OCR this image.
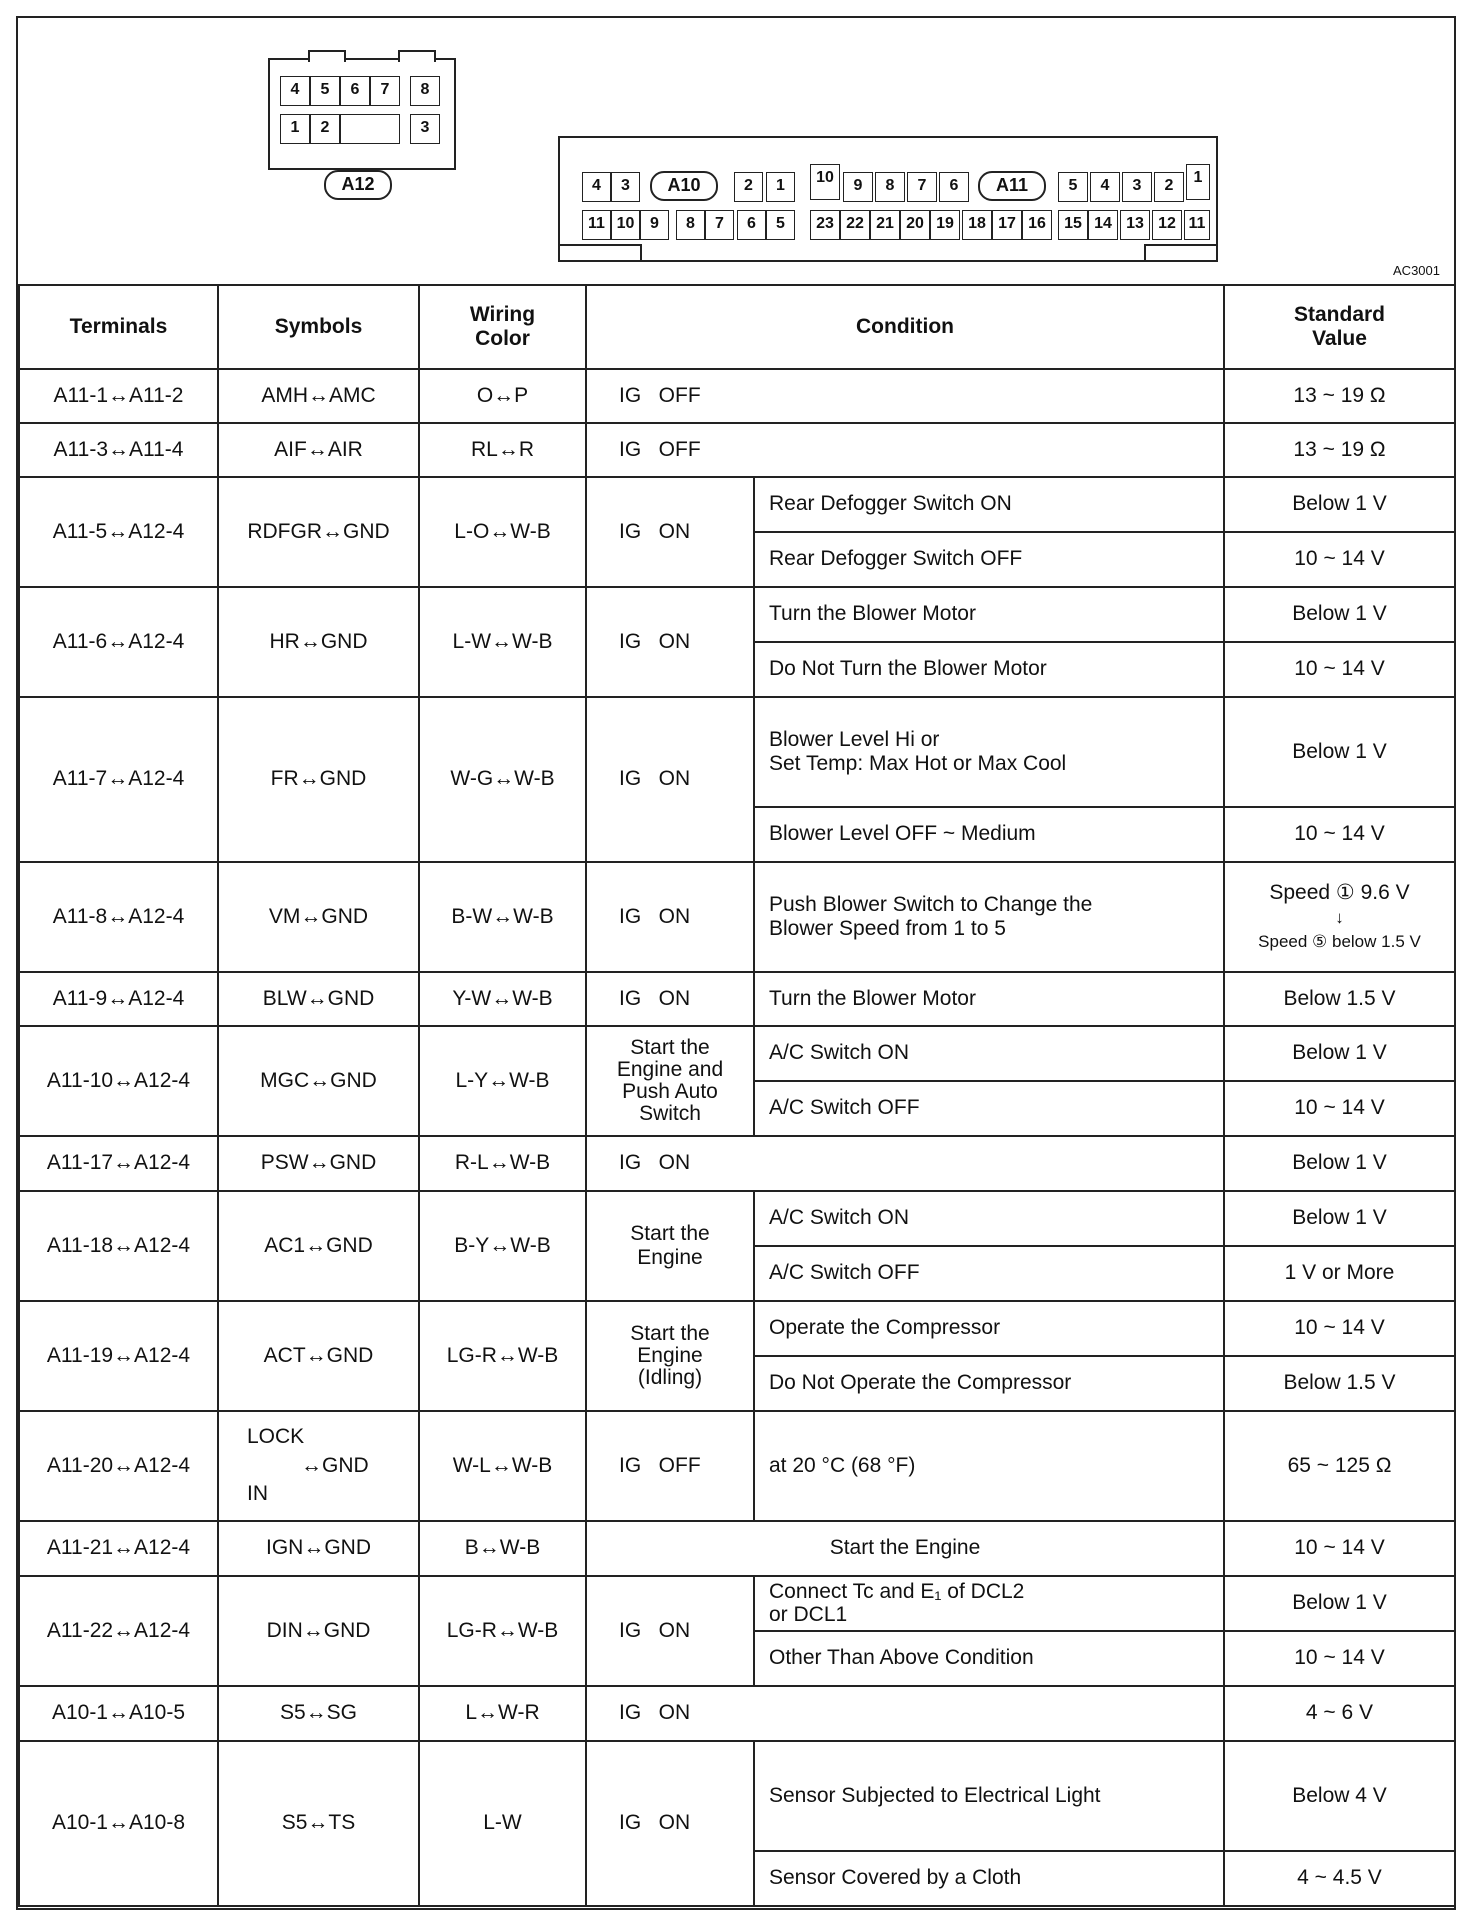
4	5	6	7	8
1	2	3
A12	4	3	A10	2	1
11 10 9	8	7	6	5
10	9	8	7	6	A11	5	4	3	2	1
23 22 21 20 19 18 17 16	15 14 13 12 11
AC3001
Terminals	Symbols	Wiring
Color	Condition		Standard
Value
A11-1↔A11-2	AMH↔AMC	O↔P	IG   OFF		13 ~ 19 Ω
A11-3↔A11-4	AIF↔AIR	RL↔R	IG   OFF		13 ~ 19 Ω
A11-5↔A12-4	RDFGR↔GND	L-O↔W-B	IG   ON	Rear Defogger Switch ON	Below 1 V
				Rear Defogger Switch OFF	10 ~ 14 V
A11-6↔A12-4	HR↔GND	L-W↔W-B	IG   ON	Turn the Blower Motor	Below 1 V
				Do Not Turn the Blower Motor	10 ~ 14 V
A11-7↔A12-4	FR↔GND	W-G↔W-B	IG   ON	Blower Level Hi or
Set Temp: Max Hot or Max Cool	Below 1 V
				Blower Level OFF ~ Medium	10 ~ 14 V
A11-8↔A12-4	VM↔GND	B-W↔W-B	IG   ON	Push Blower Switch to Change the
Blower Speed from 1 to 5	Speed ① 9.6 V
↓
Speed ⑤ below 1.5 V
A11-9↔A12-4	BLW↔GND	Y-W↔W-B	IG   ON	Turn the Blower Motor	Below 1.5 V
A11-10↔A12-4	MGC↔GND	L-Y↔W-B	Start the
Engine and
Push Auto
Switch	A/C Switch ON	Below 1 V
				A/C Switch OFF	10 ~ 14 V
A11-17↔A12-4	PSW↔GND	R-L↔W-B	IG   ON		Below 1 V
A11-18↔A12-4	AC1↔GND	B-Y↔W-B	Start the
Engine	A/C Switch ON	Below 1 V
				A/C Switch OFF	1 V or More
A11-19↔A12-4	ACT↔GND	LG-R↔W-B	Start the
Engine
(Idling)	Operate the Compressor	10 ~ 14 V
				Do Not Operate the Compressor	Below 1.5 V
A11-20↔A12-4	LOCK
↔GND
IN	W-L↔W-B	IG   OFF	at 20 °C (68 °F)	65 ~ 125 Ω
A11-21↔A12-4	IGN↔GND	B↔W-B	Start the Engine		10 ~ 14 V
A11-22↔A12-4	DIN↔GND	LG-R↔W-B	IG   ON	Connect Tc and E₁ of DCL2
or DCL1	Below 1 V
				Other Than Above Condition	10 ~ 14 V
A10-1↔A10-5	S5↔SG	L↔W-R	IG   ON		4 ~ 6 V
A10-1↔A10-8	S5↔TS	L-W	IG   ON	Sensor Subjected to Electrical Light	Below 4 V
				Sensor Covered by a Cloth	4 ~ 4.5 V
